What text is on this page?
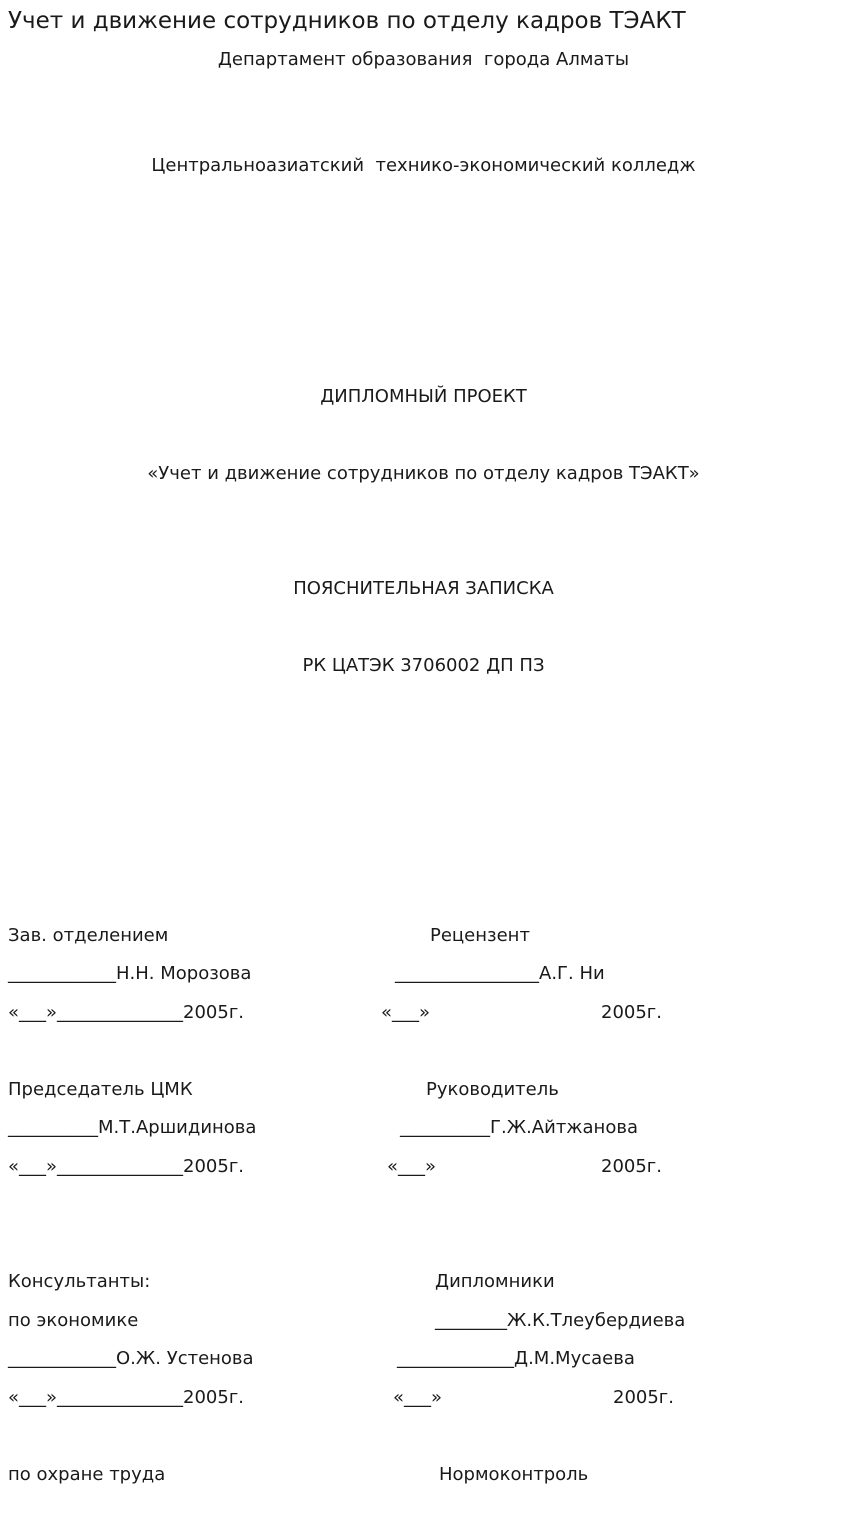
Учет и движение сотрудников по отделу кадров ТЭАКТ
Департамент образования  города Алматы
Центральноазиатский  технико-экономический колледж
ДИПЛОМНЫЙ ПРОЕКТ
«Учет и движение сотрудников по отделу кадров ТЭАКТ»
ПОЯСНИТЕЛЬНАЯ ЗАПИСКА
РК ЦАТЭК 3706002 ДП ПЗ
Зав. отделением	Рецензент
____________Н.Н. Морозова	________________А.Г. Ни
«___»______________2005г.	«___»	2005г.
Председатель ЦМК	Руководитель
__________М.Т.Аршидинова	__________Г.Ж.Айтжанова
«___»______________2005г.	«___»	2005г.
Консультанты:	Дипломники
по экономике	________Ж.К.Тлеубердиева
____________О.Ж. Устенова	_____________Д.М.Мусаева
«___»______________2005г.	«___»	2005г.
по охране труда	Нормоконтроль
